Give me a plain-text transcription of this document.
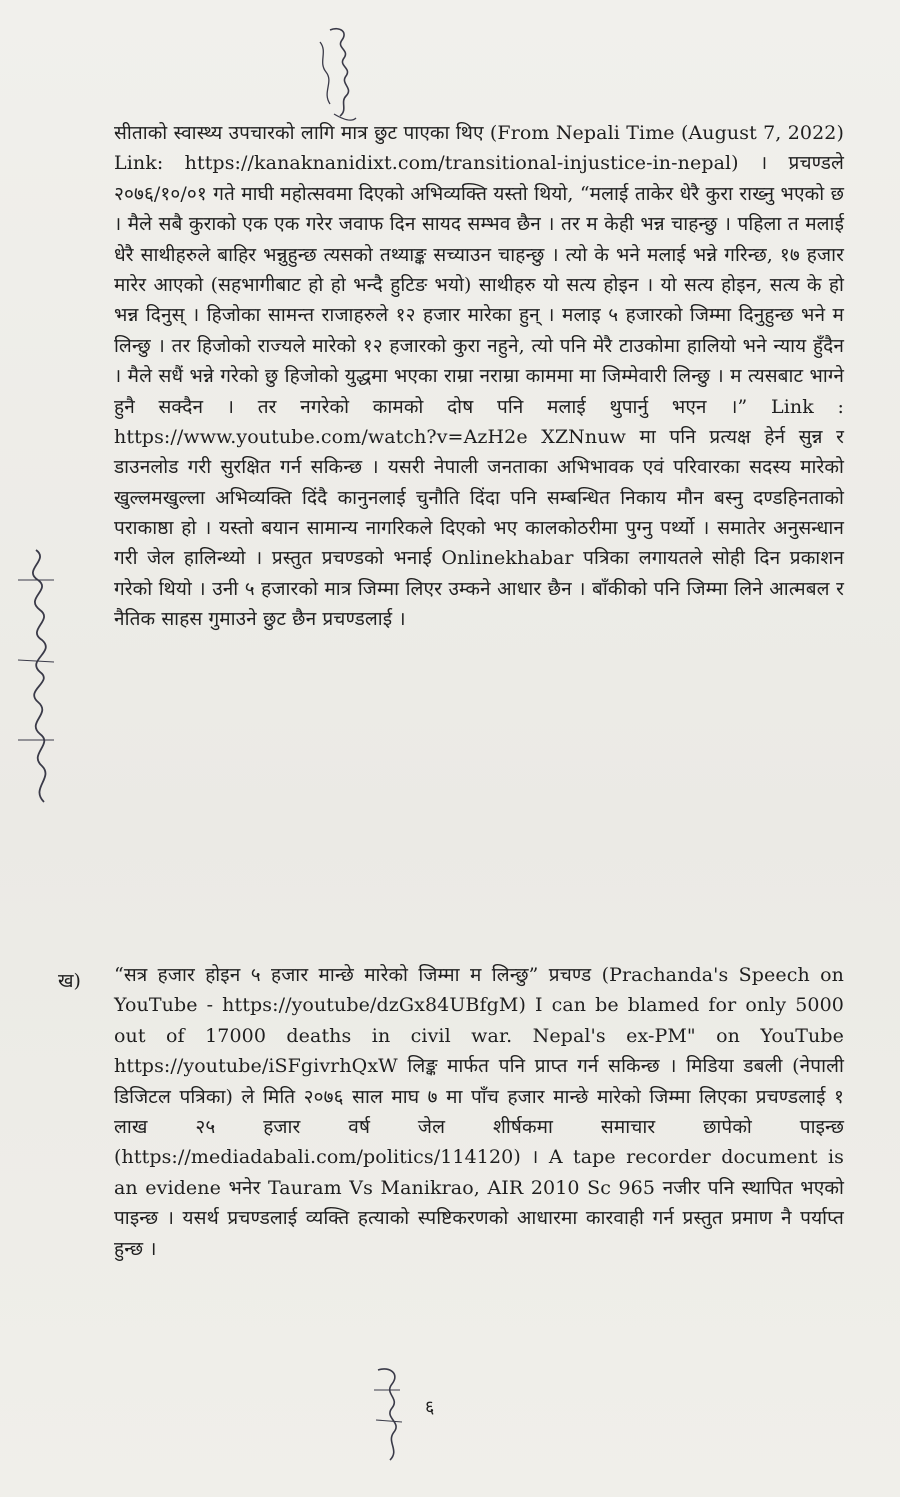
सीताको स्वास्थ्य उपचारको लागि मात्र छुट पाएका थिए (From Nepali Time (August 7, 2022) Link: https://kanaknanidixt.com/transitional-injustice-in-nepal) । प्रचण्डले २०७६/१०/०१ गते माघी महोत्सवमा दिएको अभिव्यक्ति यस्तो थियो, “मलाई ताकेर धेरै कुरा राख्नु भएको छ । मैले सबै कुराको एक एक गरेर जवाफ दिन सायद सम्भव छैन । तर म केही भन्न चाहन्छु । पहिला त मलाई धेरै साथीहरुले बाहिर भन्नुहुन्छ त्यसको तथ्याङ्क सच्याउन चाहन्छु । त्यो के भने मलाई भन्ने गरिन्छ, १७ हजार मारेर आएको (सहभागीबाट हो हो भन्दै हुटिङ भयो) साथीहरु यो सत्य होइन । यो सत्य होइन, सत्य के हो भन्न दिनुस् । हिजोका सामन्त राजाहरुले १२ हजार मारेका हुन् । मलाइ ५ हजारको जिम्मा दिनुहुन्छ भने म लिन्छु । तर हिजोको राज्यले मारेको १२ हजारको कुरा नहुने, त्यो पनि मेरै टाउकोमा हालियो भने न्याय हुँदैन । मैले सधैं भन्ने गरेको छु हिजोको युद्धमा भएका राम्रा नराम्रा काममा मा जिम्मेवारी लिन्छु । म त्यसबाट भाग्ने हुनै सक्दैन । तर नगरेको कामको दोष पनि मलाई थुपार्नु भएन ।” Link : https://www.youtube.com/watch?v=AzH2e XZNnuw मा पनि प्रत्यक्ष हेर्न सुन्न र डाउनलोड गरी सुरक्षित गर्न सकिन्छ । यसरी नेपाली जनताका अभिभावक एवं परिवारका सदस्य मारेको खुल्लमखुल्ला अभिव्यक्ति दिंदै कानुनलाई चुनौति दिंदा पनि सम्बन्धित निकाय मौन बस्नु दण्डहिनताको पराकाष्ठा हो । यस्तो बयान सामान्य नागरिकले दिएको भए कालकोठरीमा पुग्नु पर्थ्यो । समातेर अनुसन्धान गरी जेल हालिन्थ्यो । प्रस्तुत प्रचण्डको भनाई Onlinekhabar पत्रिका लगायतले सोही दिन प्रकाशन गरेको थियो । उनी ५ हजारको मात्र जिम्मा लिएर उम्कने आधार छैन । बाँकीको पनि जिम्मा लिने आत्मबल र नैतिक साहस गुमाउने छुट छैन प्रचण्डलाई ।

ख) “सत्र हजार होइन ५ हजार मान्छे मारेको जिम्मा म लिन्छु” प्रचण्ड (Prachanda's Speech on YouTube - https://youtube/dzGx84UBfgM) I can be blamed for only 5000 out of 17000 deaths in civil war. Nepal's ex-PM" on YouTube https://youtube/iSFgivrhQxW लिङ्क मार्फत पनि प्राप्त गर्न सकिन्छ । मिडिया डबली (नेपाली डिजिटल पत्रिका) ले मिति २०७६ साल माघ ७ मा पाँच हजार मान्छे मारेको जिम्मा लिएका प्रचण्डलाई १ लाख २५ हजार वर्ष जेल शीर्षकमा समाचार छापेको पाइन्छ (https://mediadabali.com/politics/114120) । A tape recorder document is an evidene भनेर Tauram Vs Manikrao, AIR 2010 Sc 965 नजीर पनि स्थापित भएको पाइन्छ । यसर्थ प्रचण्डलाई व्यक्ति हत्याको स्पष्टिकरणको आधारमा कारवाही गर्न प्रस्तुत प्रमाण नै पर्याप्त हुन्छ ।

६
